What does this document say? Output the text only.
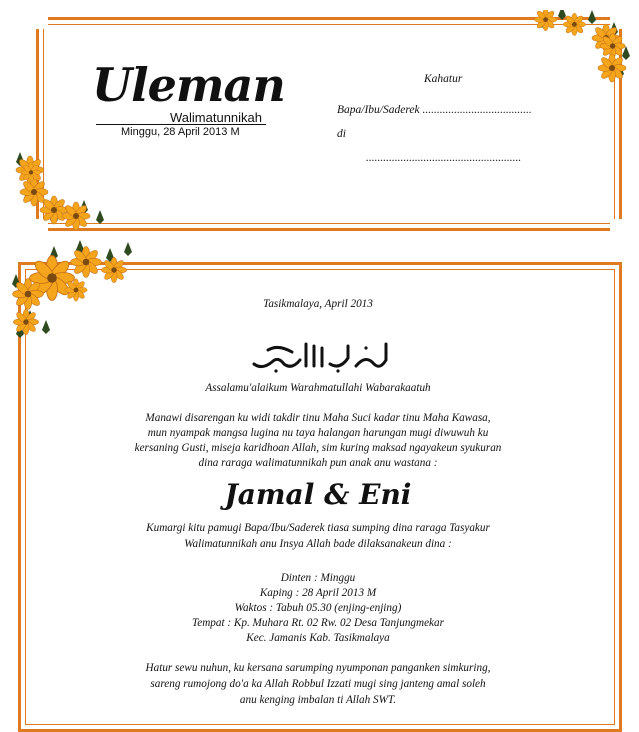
Uleman
Walimatunnikah
Minggu, 28 April 2013 M
Kahatur
Bapa/Ibu/Saderek ......................................
di
......................................................
Tasikmalaya, April 2013
Assalamu'alaikum Warahmatullahi Wabarakaatuh
Manawi disarengan ku widi takdir tinu Maha Suci kadar tinu Maha Kawasa,
mun nyampak mangsa lugina nu taya halangan harungan mugi diwuwuh ku
kersaning Gusti, miseja karidhoan Allah, sim kuring maksad ngayakeun syukuran
dina raraga walimatunnikah pun anak anu wastana :
Jamal & Eni
Kumargi kitu pamugi Bapa/Ibu/Saderek tiasa sumping dina raraga Tasyakur
Walimatunnikah anu Insya Allah bade dilaksanakeun dina :
Dinten : Minggu
Kaping : 28 April 2013 M
Waktos : Tabuh 05.30 (enjing-enjing)
Tempat : Kp. Muhara Rt. 02 Rw. 02 Desa Tanjungmekar
Kec. Jamanis Kab. Tasikmalaya
Hatur sewu nuhun, ku kersana sarumping nyumponan panganken simkuring,
sareng rumojong do'a ka Allah Robbul Izzati mugi sing janteng amal soleh
anu kenging imbalan ti Allah SWT.
